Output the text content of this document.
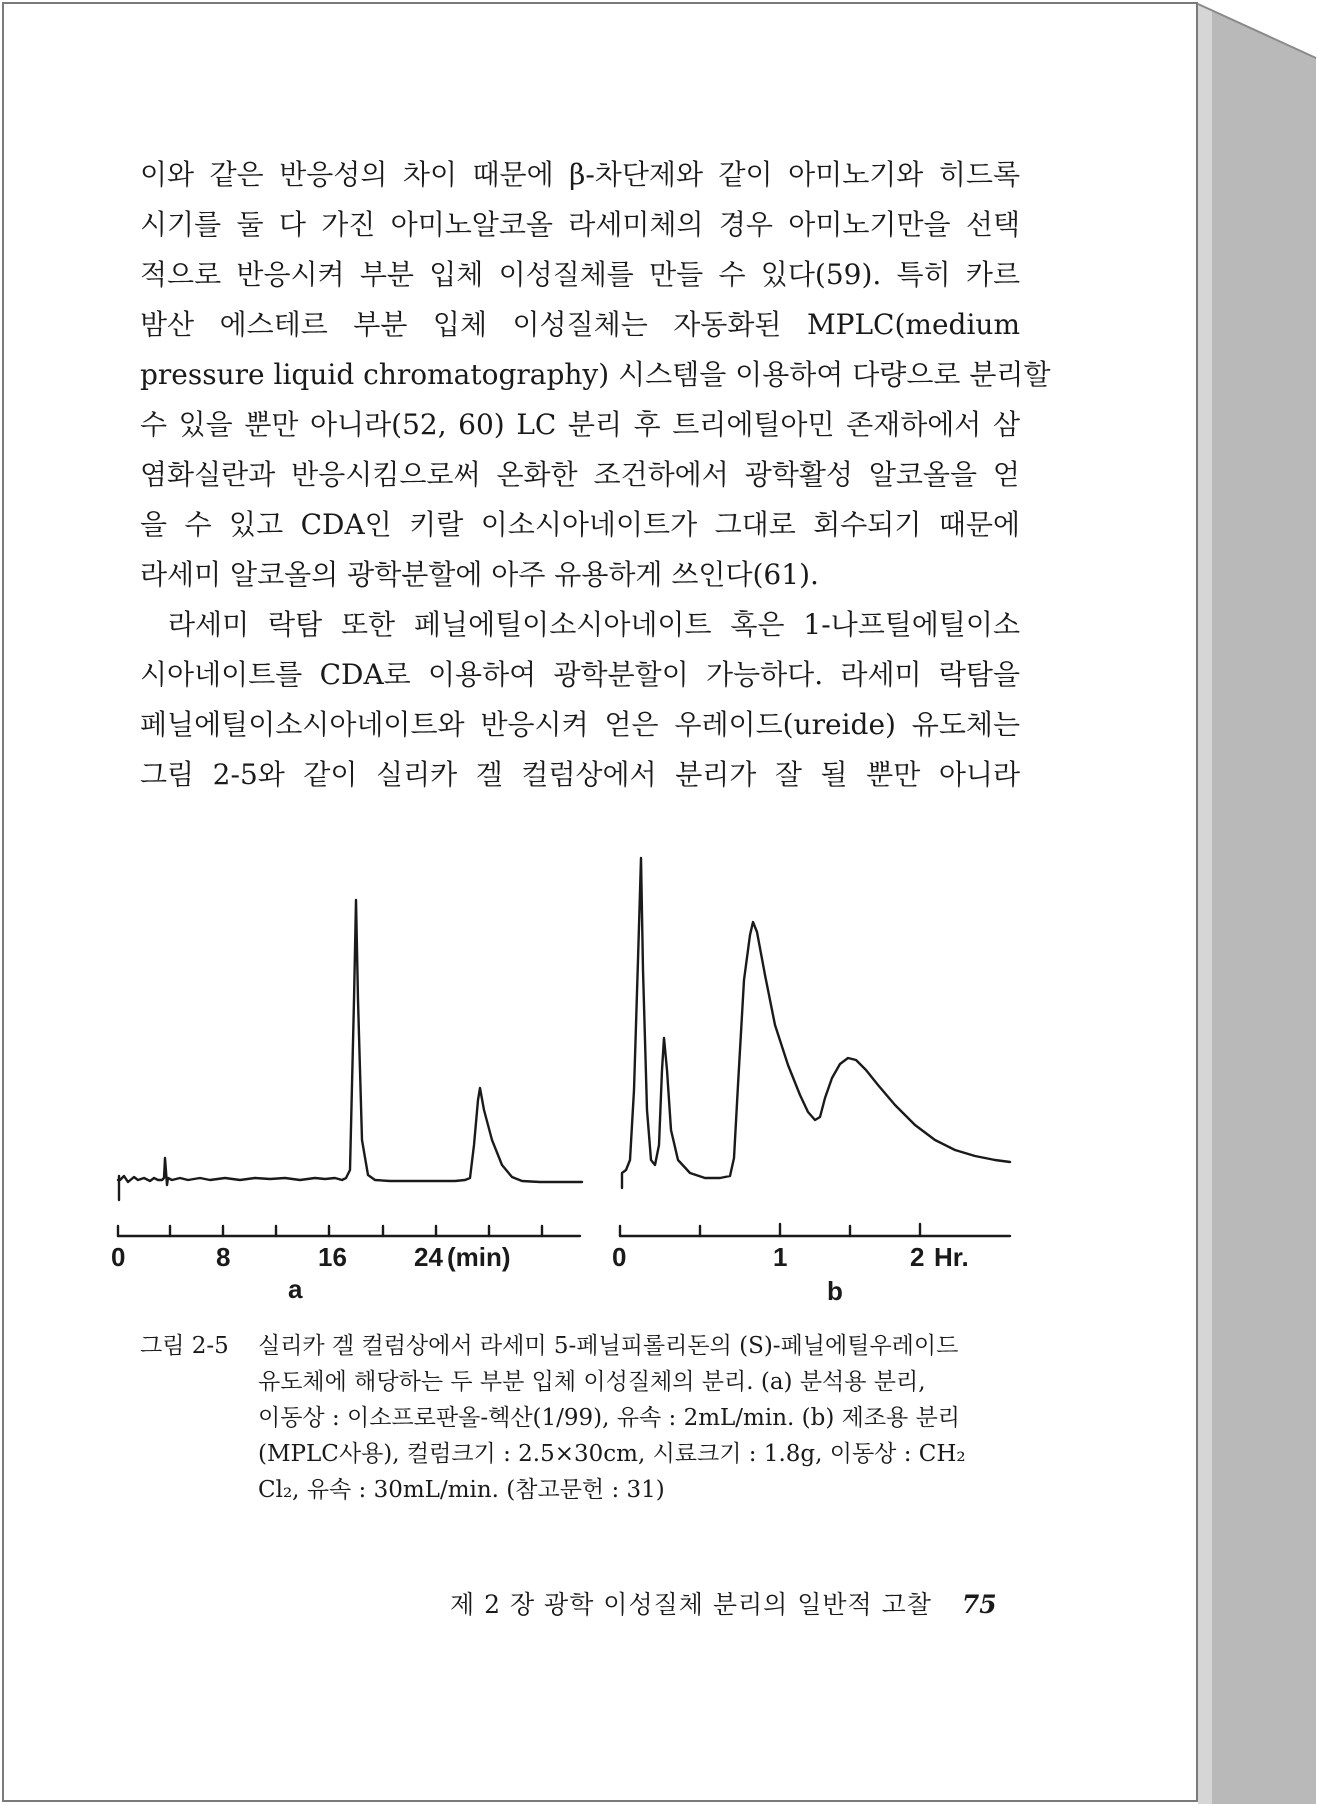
이와 같은 반응성의 차이 때문에 β-차단제와 같이 아미노기와 히드록
시기를 둘 다 가진 아미노알코올 라세미체의 경우 아미노기만을 선택
적으로 반응시켜 부분 입체 이성질체를 만들 수 있다(59). 특히 카르
밤산 에스테르 부분 입체 이성질체는 자동화된 MPLC(medium
pressure liquid chromatography) 시스템을 이용하여 다량으로 분리할
수 있을 뿐만 아니라(52, 60) LC 분리 후 트리에틸아민 존재하에서 삼
염화실란과 반응시킴으로써 온화한 조건하에서 광학활성 알코올을 얻
을 수 있고 CDA인 키랄 이소시아네이트가 그대로 회수되기 때문에
라세미 알코올의 광학분할에 아주 유용하게 쓰인다(61).
라세미 락탐 또한 페닐에틸이소시아네이트 혹은 1-나프틸에틸이소
시아네이트를 CDA로 이용하여 광학분할이 가능하다. 라세미 락탐을
페닐에틸이소시아네이트와 반응시켜 얻은 우레이드(ureide) 유도체는
그림 2-5와 같이 실리카 겔 컬럼상에서 분리가 잘 될 뿐만 아니라
0	8	16	24 (min)
a
0	1	2 Hr.
b
그림 2-5	실리카 겔 컬럼상에서 라세미 5-페닐피롤리돈의 (S)-페닐에틸우레이드
유도체에 해당하는 두 부분 입체 이성질체의 분리. (a) 분석용 분리,
이동상 : 이소프로판올-헥산(1/99), 유속 : 2mL/min. (b) 제조용 분리
(MPLC사용), 컬럼크기 : 2.5×30cm, 시료크기 : 1.8g, 이동상 : CH₂
Cl₂, 유속 : 30mL/min. (참고문헌 : 31)
제 2 장 광학 이성질체 분리의 일반적 고찰 75
